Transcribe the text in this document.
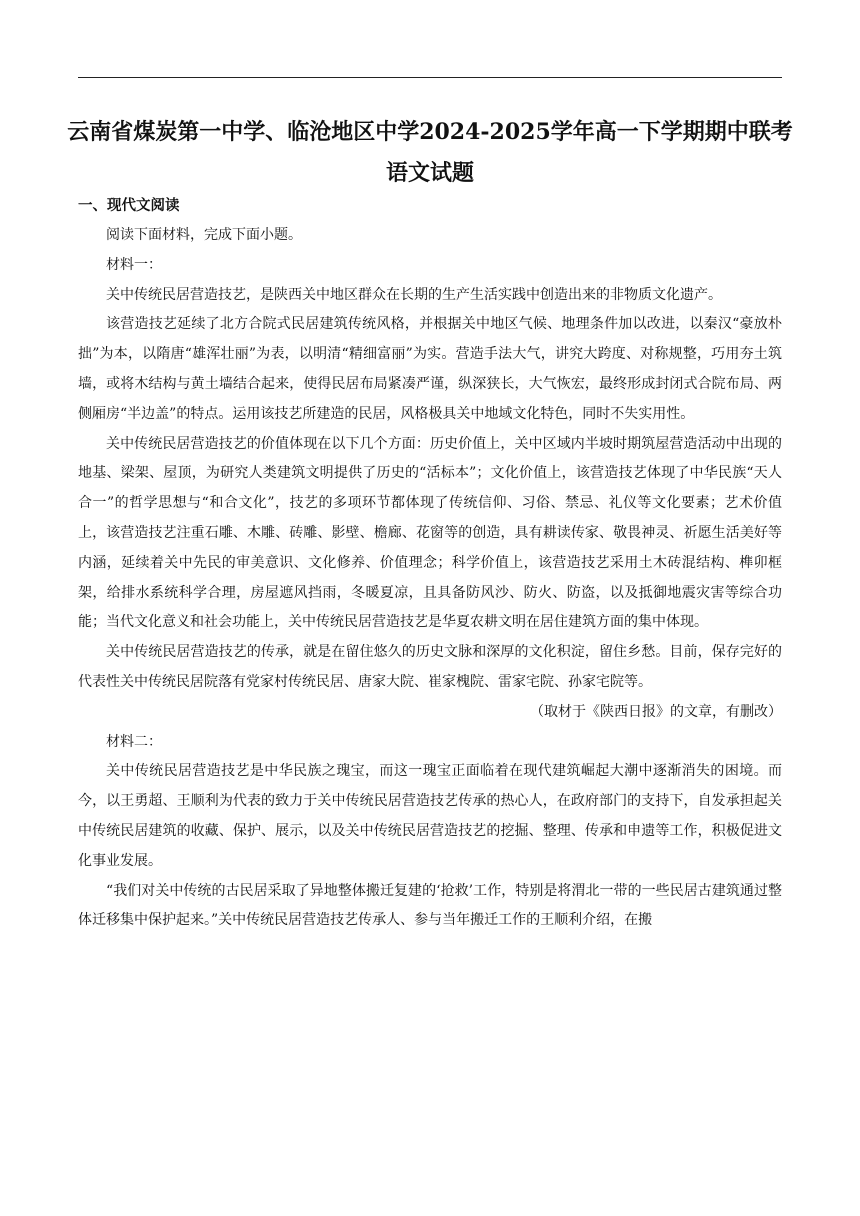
云南省煤炭第一中学、临沧地区中学2024-2025学年高一下学期期中联考
语文试题
一、现代文阅读

阅读下面材料，完成下面小题。

材料一：

关中传统民居营造技艺，是陕西关中地区群众在长期的生产生活实践中创造出来的非物质文化遗产。

该营造技艺延续了北方合院式民居建筑传统风格，并根据关中地区气候、地理条件加以改进，以秦汉“豪放朴拙”为本，以隋唐“雄浑壮丽”为表，以明清“精细富丽”为实。营造手法大气，讲究大跨度、对称规整，巧用夯土筑墙，或将木结构与黄土墙结合起来，使得民居布局紧凑严谨，纵深狭长，大气恢宏，最终形成封闭式合院布局、两侧厢房“半边盖”的特点。运用该技艺所建造的民居，风格极具关中地域文化特色，同时不失实用性。

关中传统民居营造技艺的价值体现在以下几个方面：历史价值上，关中区域内半坡时期筑屋营造活动中出现的地基、梁架、屋顶，为研究人类建筑文明提供了历史的“活标本”；文化价值上，该营造技艺体现了中华民族“天人合一”的哲学思想与“和合文化”，技艺的多项环节都体现了传统信仰、习俗、禁忌、礼仪等文化要素；艺术价值上，该营造技艺注重石雕、木雕、砖雕、影壁、檐廊、花窗等的创造，具有耕读传家、敬畏神灵、祈愿生活美好等内涵，延续着关中先民的审美意识、文化修养、价值理念；科学价值上，该营造技艺采用土木砖混结构、榫卯框架，给排水系统科学合理，房屋遮风挡雨，冬暖夏凉，且具备防风沙、防火、防盗，以及抵御地震灾害等综合功能；当代文化意义和社会功能上，关中传统民居营造技艺是华夏农耕文明在居住建筑方面的集中体现。

关中传统民居营造技艺的传承，就是在留住悠久的历史文脉和深厚的文化积淀，留住乡愁。目前，保存完好的代表性关中传统民居院落有党家村传统民居、唐家大院、崔家槐院、雷家宅院、孙家宅院等。

（取材于《陕西日报》的文章，有删改）

材料二：

关中传统民居营造技艺是中华民族之瑰宝，而这一瑰宝正面临着在现代建筑崛起大潮中逐渐消失的困境。而今，以王勇超、王顺利为代表的致力于关中传统民居营造技艺传承的热心人，在政府部门的支持下，自发承担起关中传统民居建筑的收藏、保护、展示，以及关中传统民居营造技艺的挖掘、整理、传承和申遗等工作，积极促进文化事业发展。

“我们对关中传统的古民居采取了异地整体搬迁复建的‘抢救’工作，特别是将渭北一带的一些民居古建筑通过整体迁移集中保护起来。”关中传统民居营造技艺传承人、参与当年搬迁工作的王顺利介绍，在搬
